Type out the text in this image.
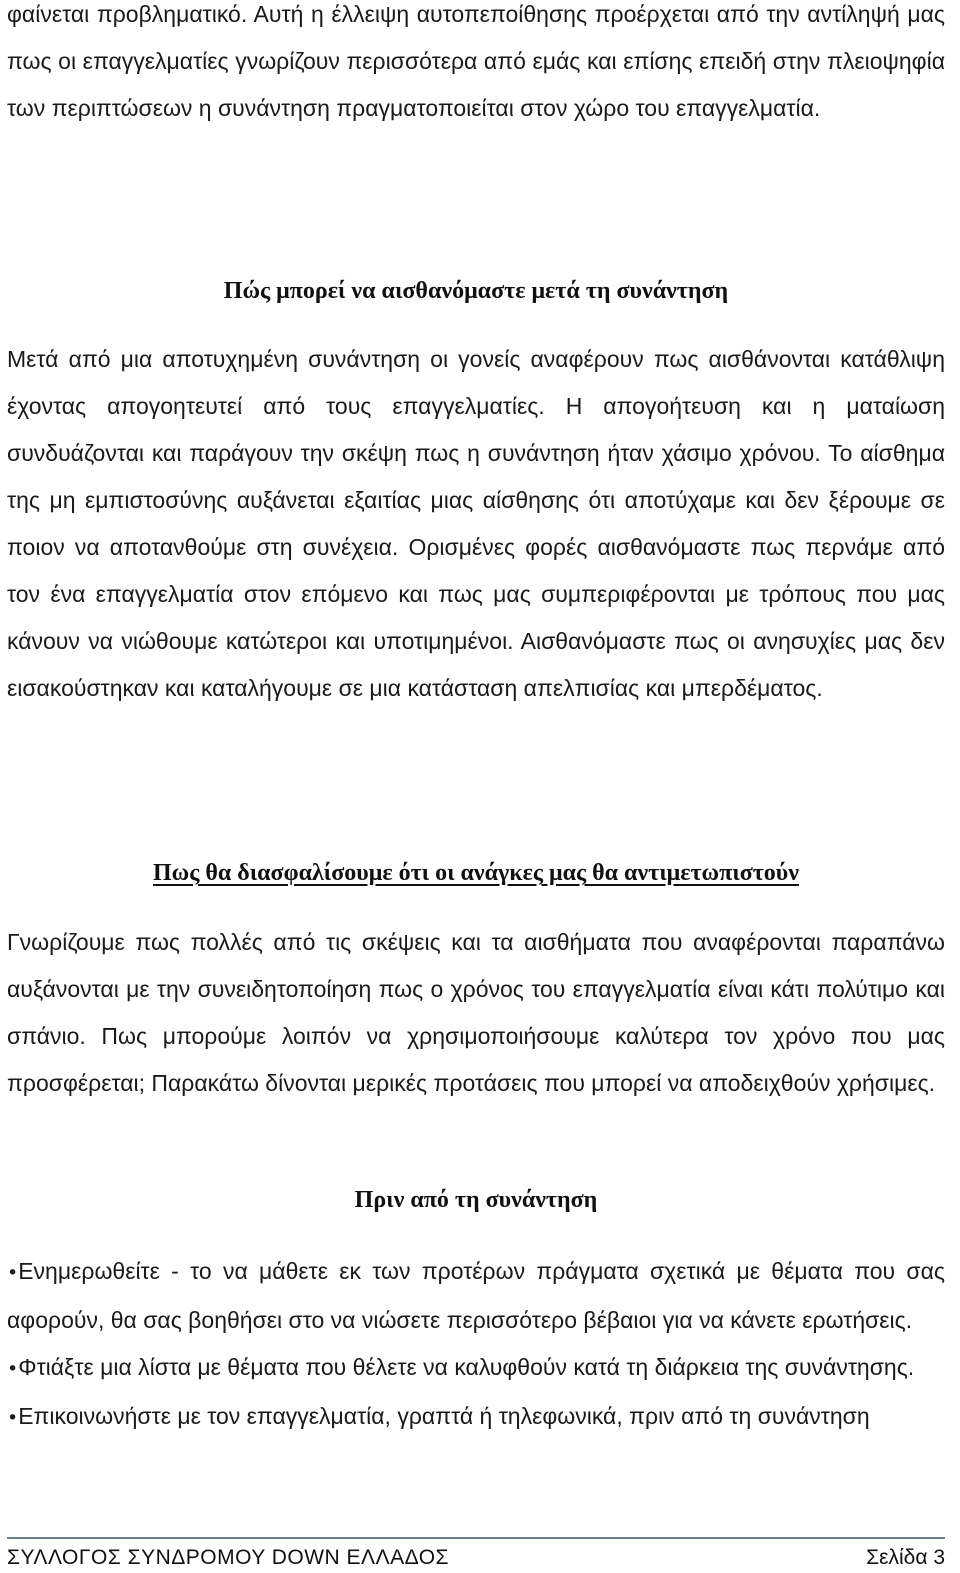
φαίνεται προβληματικό. Αυτή η έλλειψη αυτοπεποίθησης προέρχεται από την αντίληψή μας πως οι επαγγελματίες γνωρίζουν περισσότερα από εμάς και επίσης επειδή στην πλειοψηφία των περιπτώσεων η συνάντηση πραγματοποιείται στον χώρο του επαγγελματία.

Πώς μπορεί να αισθανόμαστε μετά τη συνάντηση

Μετά από μια αποτυχημένη συνάντηση οι γονείς αναφέρουν πως αισθάνονται κατάθλιψη έχοντας απογοητευτεί από τους επαγγελματίες. Η απογοήτευση και η ματαίωση συνδυάζονται και παράγουν την σκέψη πως η συνάντηση ήταν χάσιμο χρόνου. Το αίσθημα της μη εμπιστοσύνης αυξάνεται εξαιτίας μιας αίσθησης ότι αποτύχαμε και δεν ξέρουμε σε ποιον να αποτανθούμε στη συνέχεια. Ορισμένες φορές αισθανόμαστε πως περνάμε από τον ένα επαγγελματία στον επόμενο και πως μας συμπεριφέρονται με τρόπους που μας κάνουν να νιώθουμε κατώτεροι και υποτιμημένοι. Αισθανόμαστε πως οι ανησυχίες μας δεν εισακούστηκαν και καταλήγουμε σε μια κατάσταση απελπισίας και μπερδέματος.

Πως θα διασφαλίσουμε ότι οι ανάγκες μας θα αντιμετωπιστούν

Γνωρίζουμε πως πολλές από τις σκέψεις και τα αισθήματα που αναφέρονται παραπάνω αυξάνονται με την συνειδητοποίηση πως ο χρόνος του επαγγελματία είναι κάτι πολύτιμο και σπάνιο. Πως μπορούμε λοιπόν να χρησιμοποιήσουμε καλύτερα τον χρόνο που μας προσφέρεται; Παρακάτω δίνονται μερικές προτάσεις που μπορεί να αποδειχθούν χρήσιμες.

Πριν από τη συνάντηση
•Ενημερωθείτε - το να μάθετε εκ των προτέρων πράγματα σχετικά με θέματα που σας αφορούν, θα σας βοηθήσει στο να νιώσετε περισσότερο βέβαιοι για να κάνετε ερωτήσεις.
•Φτιάξτε μια λίστα με θέματα που θέλετε να καλυφθούν κατά τη διάρκεια της συνάντησης.
•Επικοινωνήστε με τον επαγγελματία, γραπτά ή τηλεφωνικά, πριν από τη συνάντηση
ΣΥΛΛΟΓΟΣ ΣΥΝΔΡΟΜΟΥ DOWN ΕΛΛΑΔΟΣ	Σελίδα 3
